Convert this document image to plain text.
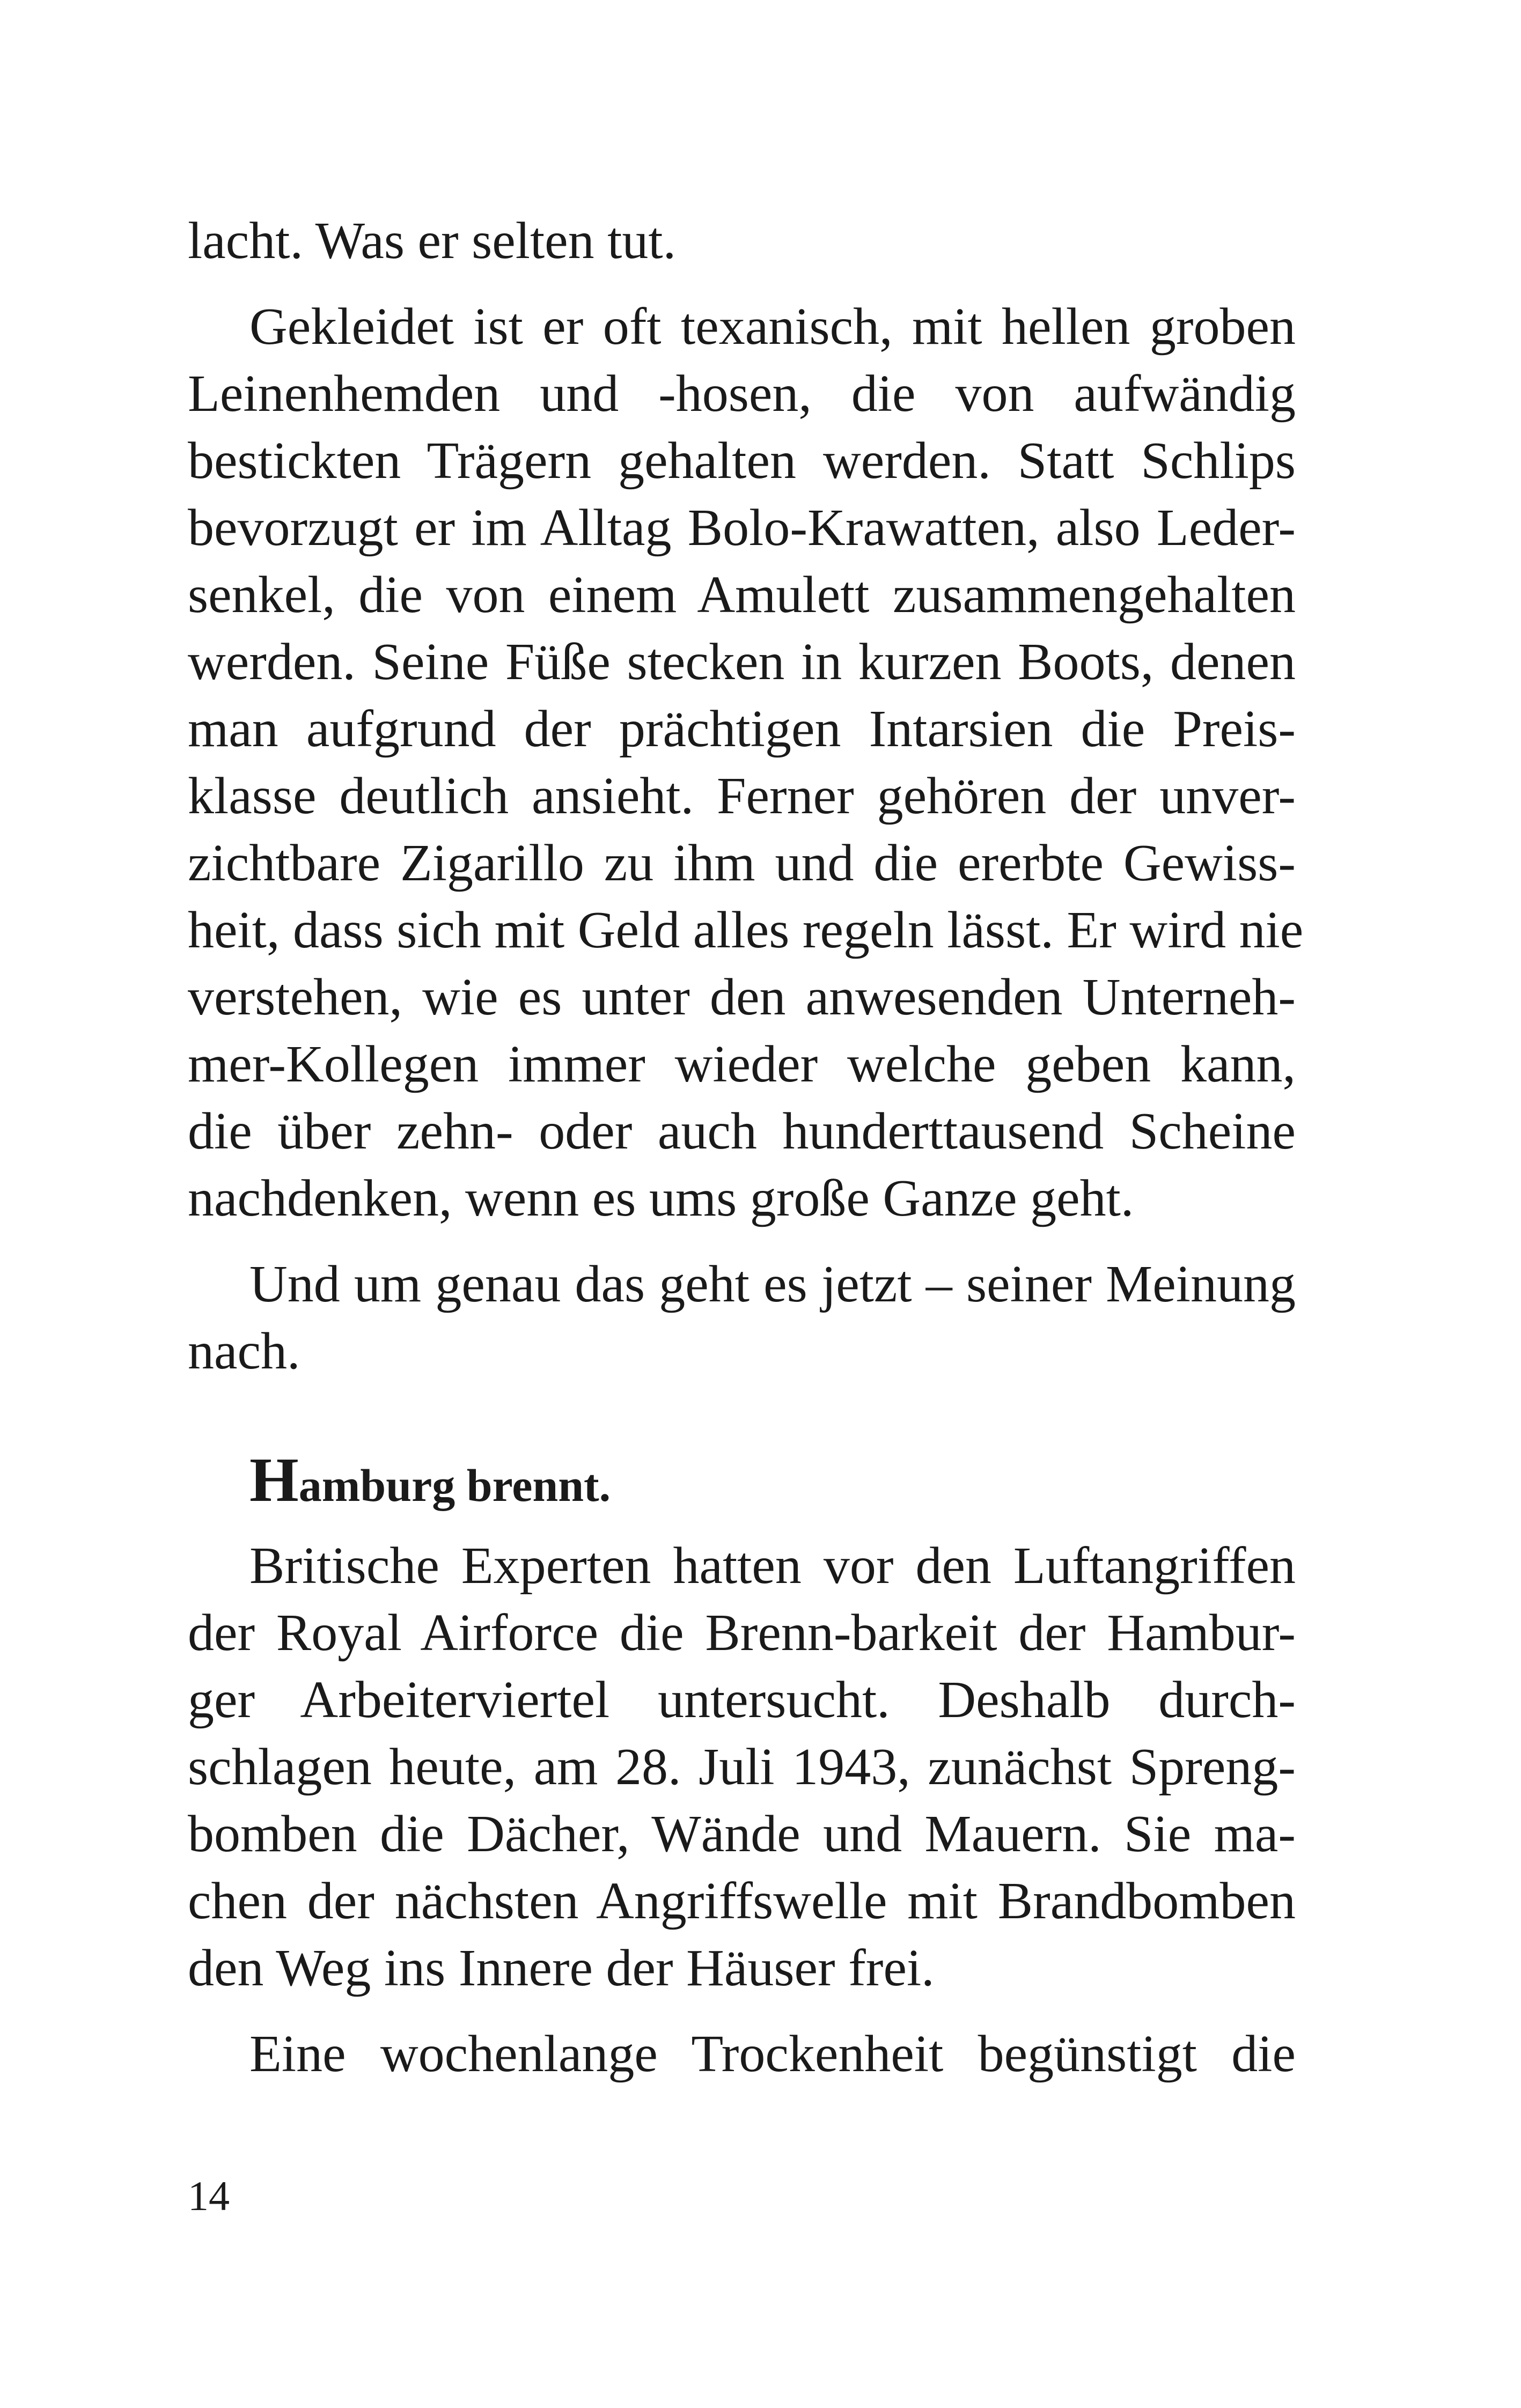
lacht. Was er selten tut.
Gekleidet ist er oft texanisch, mit hellen groben
Leinenhemden und -hosen, die von aufwändig
bestickten Trägern gehalten werden. Statt Schlips
bevorzugt er im Alltag Bolo-Krawatten, also Leder-
senkel, die von einem Amulett zusammengehalten
werden. Seine Füße stecken in kurzen Boots, denen
man aufgrund der prächtigen Intarsien die Preis-
klasse deutlich ansieht. Ferner gehören der unver-
zichtbare Zigarillo zu ihm und die ererbte Gewiss-
heit, dass sich mit Geld alles regeln lässt. Er wird nie
verstehen, wie es unter den anwesenden Unterneh-
mer-Kollegen immer wieder welche geben kann,
die über zehn- oder auch hunderttausend Scheine
nachdenken, wenn es ums große Ganze geht.
Und um genau das geht es jetzt – seiner Meinung
nach.
Hamburg brennt.
Britische Experten hatten vor den Luftangriffen
der Royal Airforce die Brenn-barkeit der Hambur-
ger Arbeiterviertel untersucht. Deshalb durch-
schlagen heute, am 28. Juli 1943, zunächst Spreng-
bomben die Dächer, Wände und Mauern. Sie ma-
chen der nächsten Angriffswelle mit Brandbomben
den Weg ins Innere der Häuser frei.
Eine wochenlange Trockenheit begünstigt die
14
